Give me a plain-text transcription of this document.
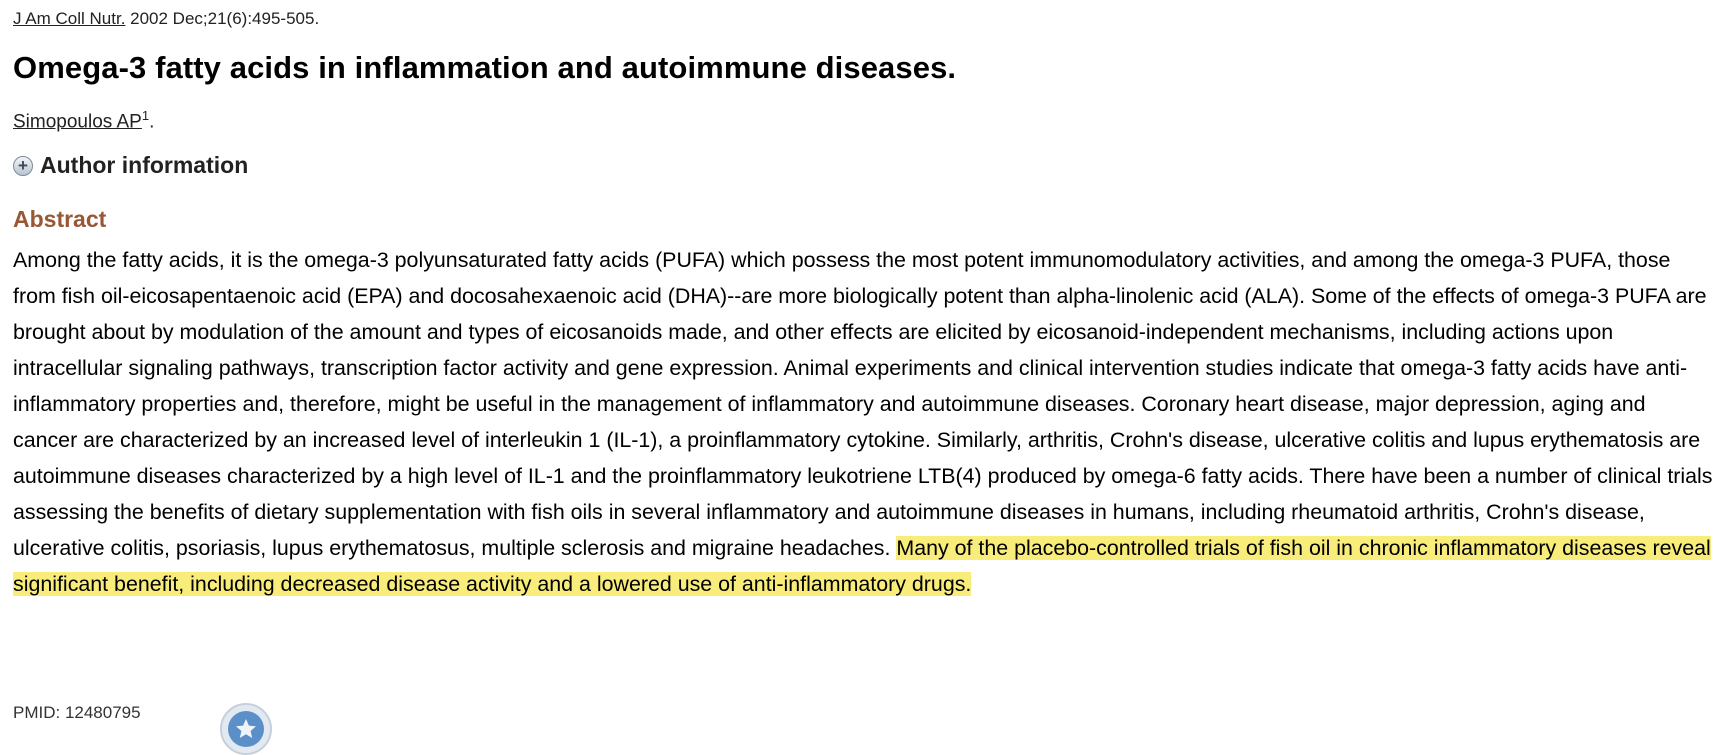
J Am Coll Nutr. 2002 Dec;21(6):495-505.
Omega-3 fatty acids in inflammation and autoimmune diseases.
Simopoulos $AP^1$.
+ Author information
Abstract

Among the fatty acids, it is the omega-3 polyunsaturated fatty acids (PUFA) which possess the most potent immunomodulatory activities, and among the omega-3 PUFA, those from fish oil-eicosapentaenoic acid (EPA) and docosahexaenoic acid (DHA)--are more biologically potent than alpha-linolenic acid (ALA). Some of the effects of omega-3 PUFA are brought about by modulation of the amount and types of eicosanoids made, and other effects are elicited by eicosanoid-independent mechanisms, including actions upon intracellular signaling pathways, transcription factor activity and gene expression. Animal experiments and clinical intervention studies indicate that omega-3 fatty acids have anti-inflammatory properties and, therefore, might be useful in the management of inflammatory and autoimmune diseases. Coronary heart disease, major depression, aging and cancer are characterized by an increased level of interleukin 1 (IL-1), a proinflammatory cytokine. Similarly, arthritis, Crohn's disease, ulcerative colitis and lupus erythematosis are autoimmune diseases characterized by a high level of IL-1 and the proinflammatory leukotriene LTB(4) produced by omega-6 fatty acids. There have been a number of clinical trials assessing the benefits of dietary supplementation with fish oils in several inflammatory and autoimmune diseases in humans, including rheumatoid arthritis, Crohn's disease, ulcerative colitis, psoriasis, lupus erythematosus, multiple sclerosis and migraine headaches. Many of the placebo-controlled trials of fish oil in chronic inflammatory diseases reveal significant benefit, including decreased disease activity and a lowered use of anti-inflammatory drugs.

PMID: 12480795
